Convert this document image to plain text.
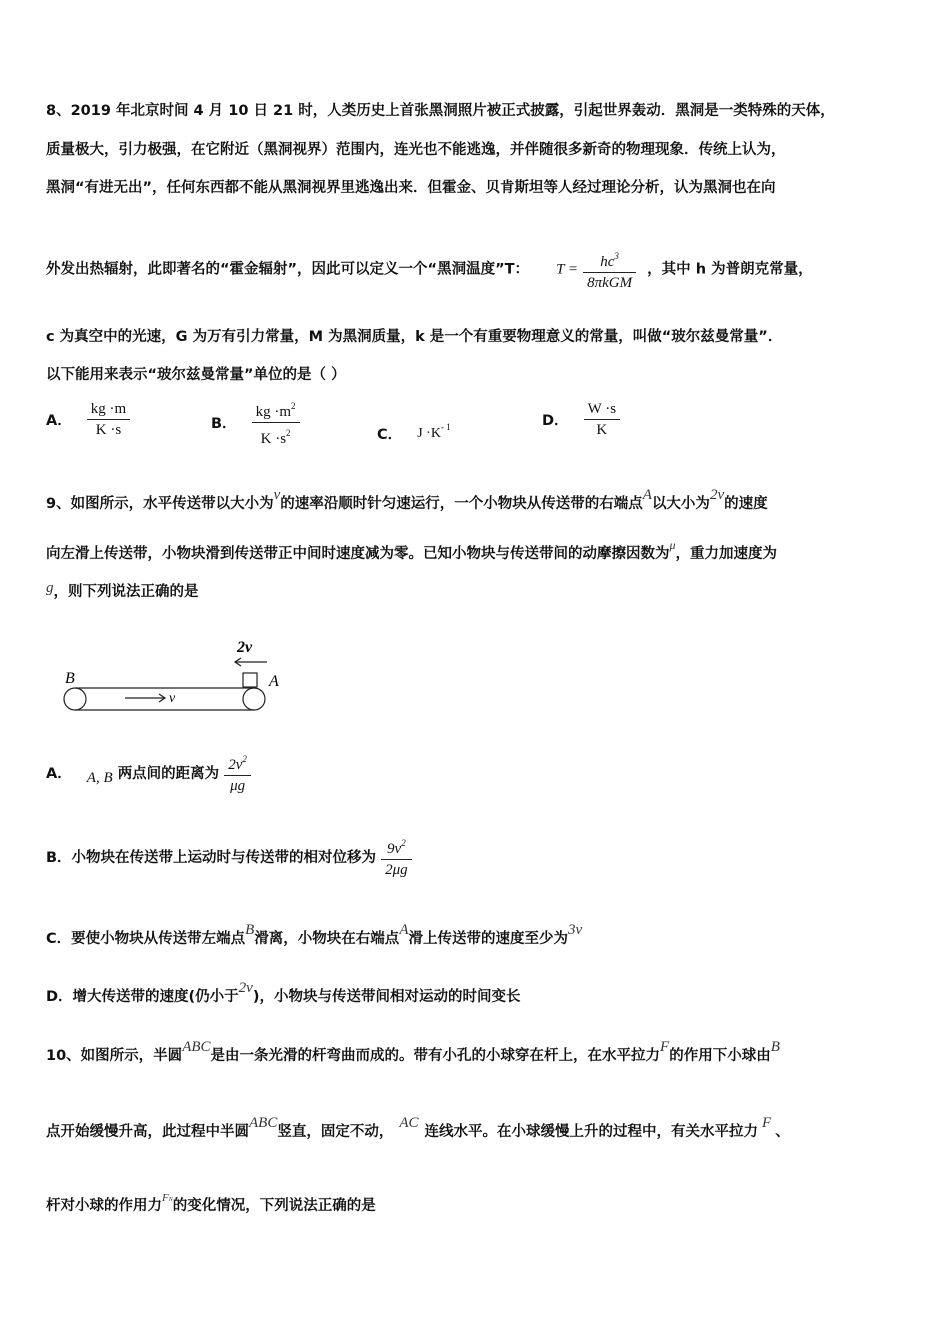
8、2019 年北京时间 4 月 10 日 21 时，人类历史上首张黑洞照片被正式披露，引起世界轰动．黑洞是一类特殊的天体，
质量极大，引力极强，在它附近（黑洞视界）范围内，连光也不能逃逸，并伴随很多新奇的物理现象．传统上认为，
黑洞“有进无出”，任何东西都不能从黑洞视界里逃逸出来．但霍金、贝肯斯坦等人经过理论分析，认为黑洞也在向
外发出热辐射，此即著名的“霍金辐射”，因此可以定义一个“黑洞温度”T： $T = \frac{hc^3}{\text{8πkGM}}$ ，其中 h 为普朗克常量，
c 为真空中的光速，G 为万有引力常量，M 为黑洞质量，k 是一个有重要物理意义的常量，叫做“玻尔兹曼常量”．
以下能用来表示“玻尔兹曼常量”单位的是（ ）
A． $\frac{kg \cdot m}{K \cdot s}$	B． $\frac{kg \cdot m^2}{K \cdot s^2}$	C． $J \cdot K^{- 1}$	D． $\frac{W \cdot s}{K}$
9、如图所示，水平传送带以大小为v的速率沿顺时针匀速运行，一个小物块从传送带的右端点A以大小为2v的速度
向左滑上传送带，小物块滑到传送带正中间时速度减为零。已知小物块与传送带间的动摩擦因数为$^\mu$，重力加速度为
g，则下列说法正确的是
2v
A
B
v
A． A, B 两点间的距离为 $\frac{2v^2}{\mu g}$
B．小物块在传送带上运动时与传送带的相对位移为 $\frac{9v^2}{2\mu g}$
C．要使小物块从传送带左端点B滑离，小物块在右端点A滑上传送带的速度至少为3v
D．增大传送带的速度(仍小于2v)，小物块与传送带间相对运动的时间变长
10、如图所示，半圆ABC是由一条光滑的杆弯曲而成的。带有小孔的小球穿在杆上，在水平拉力F的作用下小球由B
点开始缓慢升高，此过程中半圆ABC竖直，固定不动，AC连线水平。在小球缓慢上升的过程中，有关水平拉力F、
杆对小球的作用力$^{FN}$的变化情况，下列说法正确的是
